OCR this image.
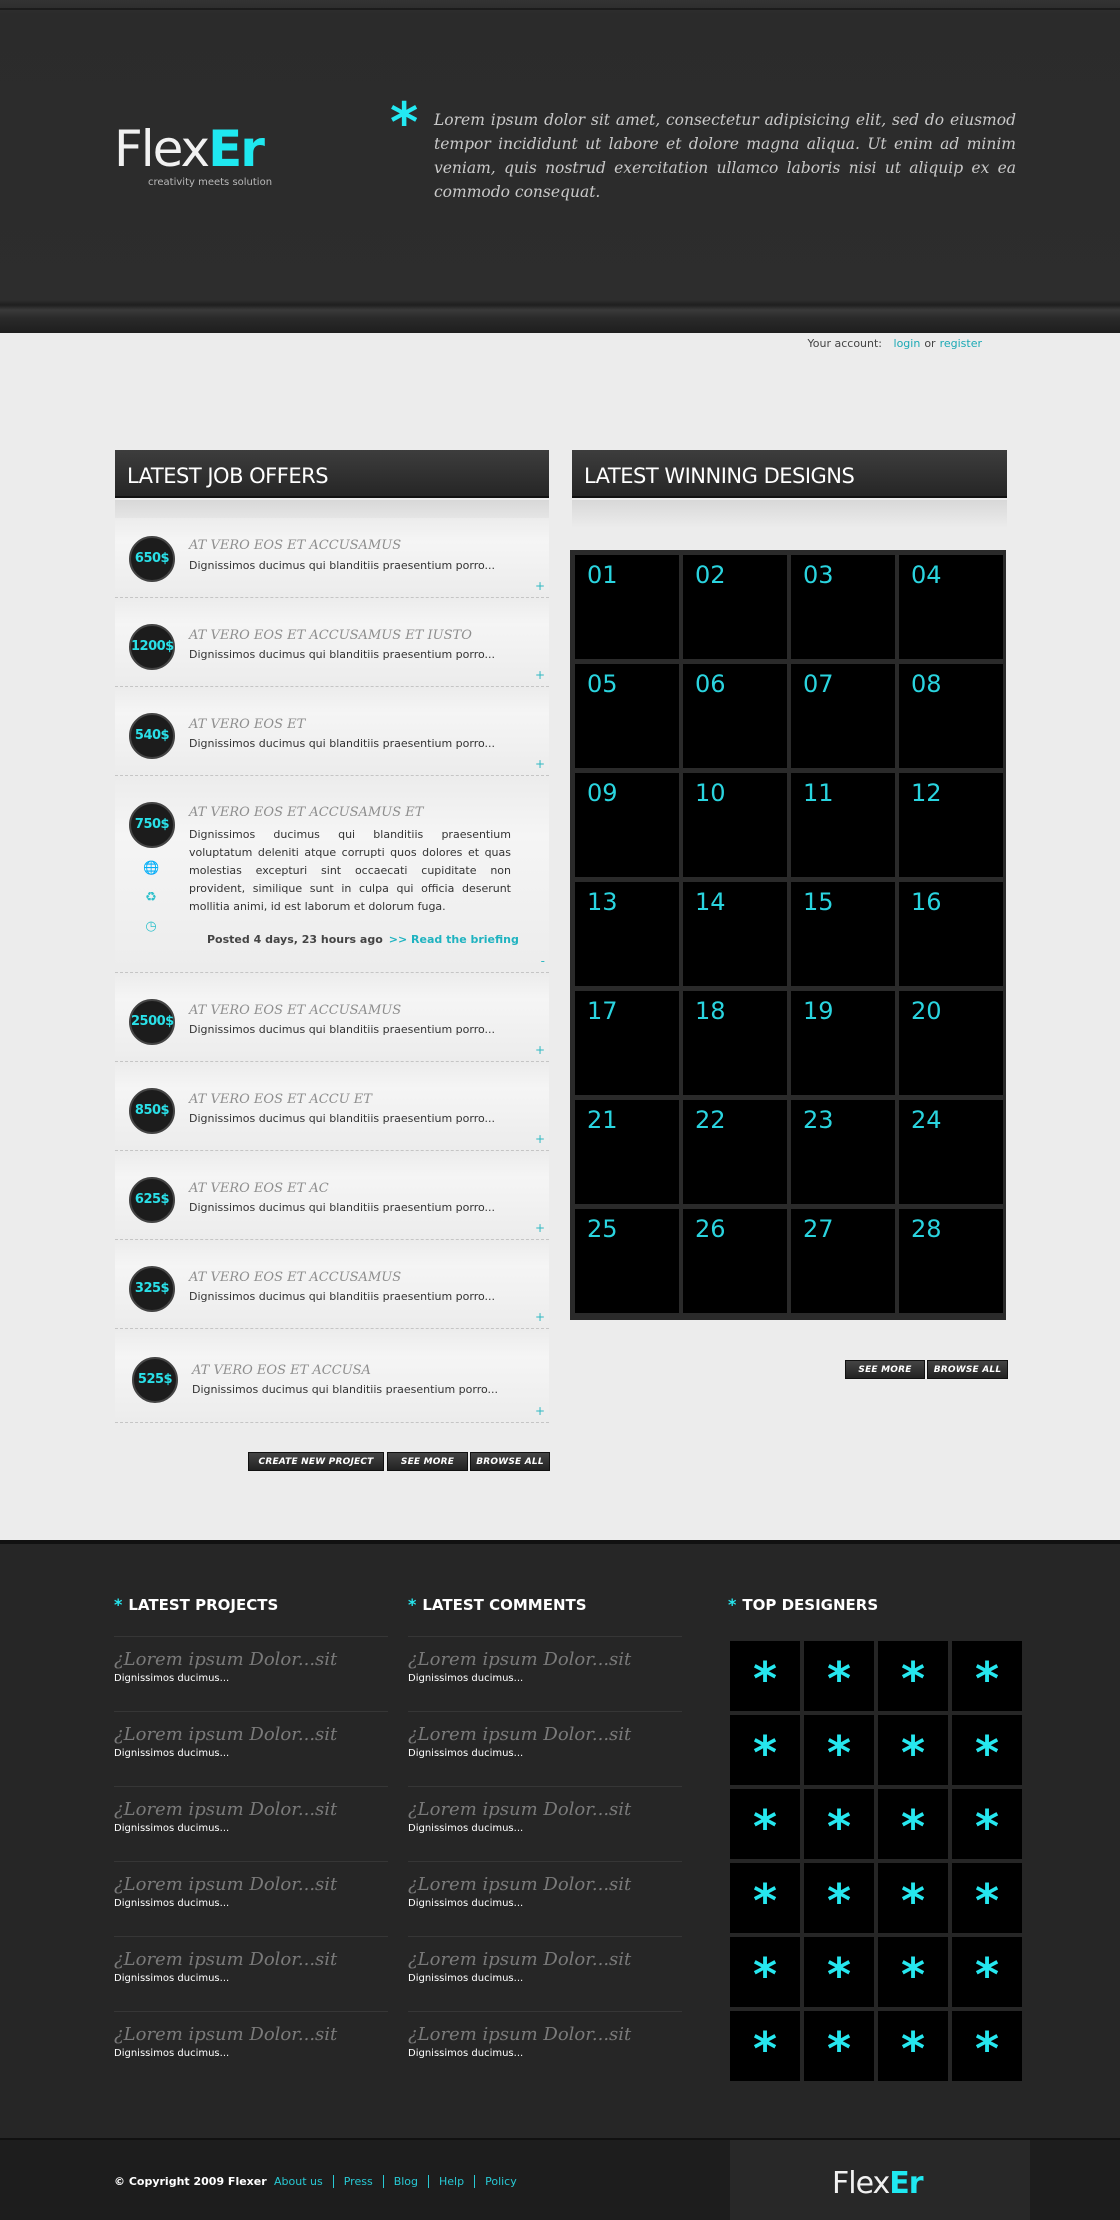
FlexEr
creativity meets solution
* Lorem ipsum dolor sit amet, consectetur adipisicing elit, sed do eiusmod tempor incididunt ut labore et dolore magna aliqua. Ut enim ad minim veniam, quis nostrud exercitation ullamco laboris nisi ut aliquip ex ea commodo consequat.
Your account: login or register
LATEST JOB OFFERS
650$
AT VERO EOS ET ACCUSAMUS
Dignissimos ducimus qui blanditiis praesentium porro...
+
1200$
AT VERO EOS ET ACCUSAMUS ET IUSTO
Dignissimos ducimus qui blanditiis praesentium porro...
+
540$
AT VERO EOS ET
Dignissimos ducimus qui blanditiis praesentium porro...
+
750$
AT VERO EOS ET ACCUSAMUS ET
Dignissimos ducimus qui blanditiis praesentium voluptatum deleniti atque corrupti quos dolores et quas molestias excepturi sint occaecati cupiditate non provident, similique sunt in culpa qui officia deserunt mollitia animi, id est laborum et dolorum fuga.
🌐
♻
◷
Posted 4 days, 23 hours ago >> Read the briefing
-
2500$
AT VERO EOS ET ACCUSAMUS
Dignissimos ducimus qui blanditiis praesentium porro...
+
850$
AT VERO EOS ET ACCU ET
Dignissimos ducimus qui blanditiis praesentium porro...
+
625$
AT VERO EOS ET AC
Dignissimos ducimus qui blanditiis praesentium porro...
+
325$
AT VERO EOS ET ACCUSAMUS
Dignissimos ducimus qui blanditiis praesentium porro...
+
525$
AT VERO EOS ET ACCUSA
Dignissimos ducimus qui blanditiis praesentium porro...
+
CREATE NEW PROJECT	SEE MORE	BROWSE ALL
LATEST WINNING DESIGNS
01	02	03	04
05	06	07	08
09	10	11	12
13	14	15	16
17	18	19	20
21	22	23	24
25	26	27	28
SEE MORE	BROWSE ALL
* LATEST PROJECTS	* LATEST COMMENTS	* TOP DESIGNERS
¿Lorem ipsum Dolor...sit
Dignissimos ducimus...
¿Lorem ipsum Dolor...sit
Dignissimos ducimus...
¿Lorem ipsum Dolor...sit
Dignissimos ducimus...
¿Lorem ipsum Dolor...sit
Dignissimos ducimus...
¿Lorem ipsum Dolor...sit
Dignissimos ducimus...
¿Lorem ipsum Dolor...sit
Dignissimos ducimus...
¿Lorem ipsum Dolor...sit
Dignissimos ducimus...
¿Lorem ipsum Dolor...sit
Dignissimos ducimus...
¿Lorem ipsum Dolor...sit
Dignissimos ducimus...
¿Lorem ipsum Dolor...sit
Dignissimos ducimus...
¿Lorem ipsum Dolor...sit
Dignissimos ducimus...
¿Lorem ipsum Dolor...sit
Dignissimos ducimus...
*	*	*	*
*	*	*	*
*	*	*	*
*	*	*	*
*	*	*	*
*	*	*	*
© Copyright 2009 Flexer About us Press Blog Help Policy	FlexEr
